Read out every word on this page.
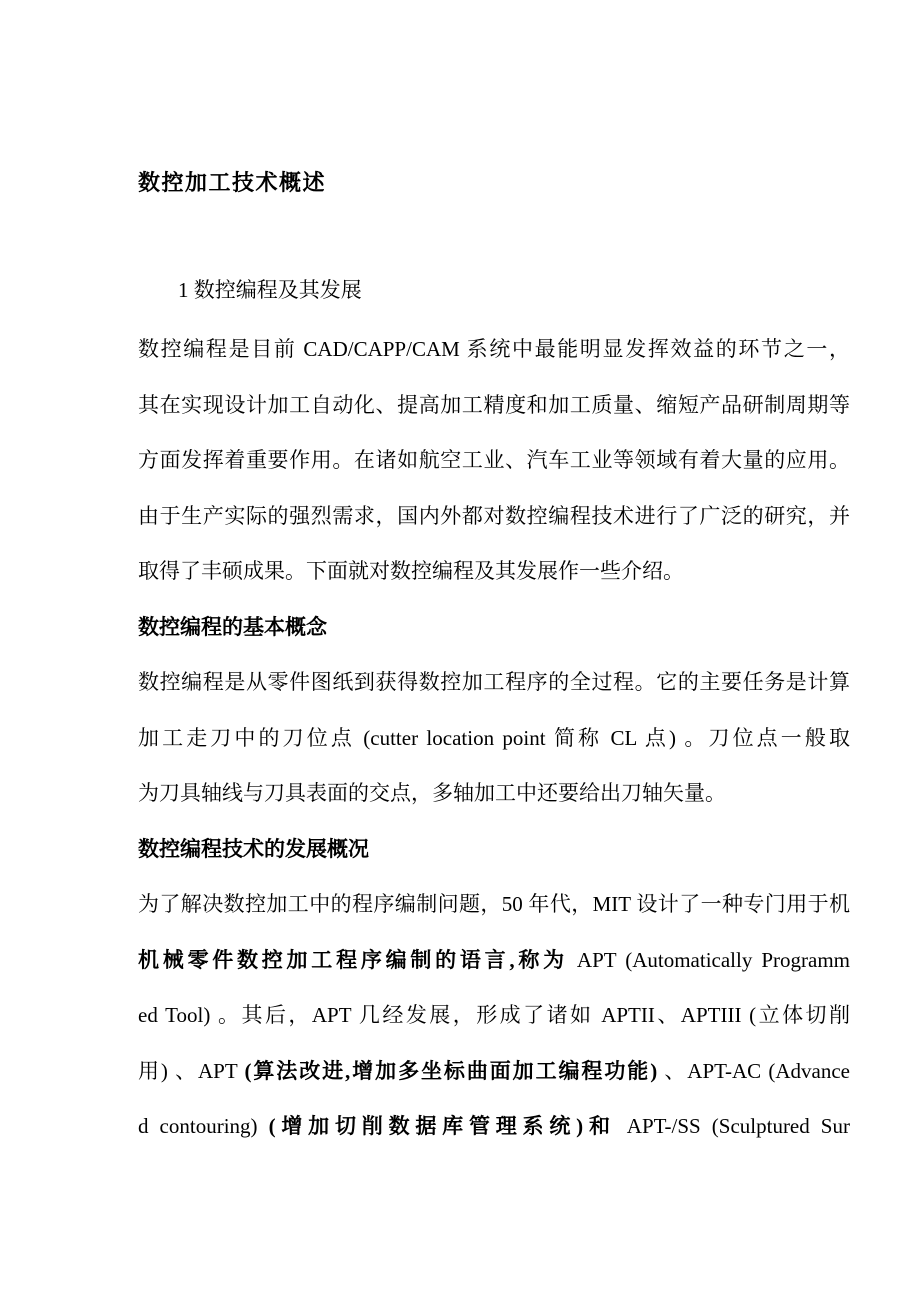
数控加工技术概述
1 数控编程及其发展
数控编程是目前 CAD/CAPP/CAM 系统中最能明显发挥效益的环节之一，
其在实现设计加工自动化、提高加工精度和加工质量、缩短产品研制周期等
方面发挥着重要作用。在诸如航空工业、汽车工业等领域有着大量的应用。
由于生产实际的强烈需求，国内外都对数控编程技术进行了广泛的研究，并
取得了丰硕成果。下面就对数控编程及其发展作一些介绍。
数控编程的基本概念
数控编程是从零件图纸到获得数控加工程序的全过程。它的主要任务是计算
加工走刀中的刀位点 (cutter location point 简称 CL 点) 。刀位点一般取
为刀具轴线与刀具表面的交点，多轴加工中还要给出刀轴矢量。
数控编程技术的发展概况
为了解决数控加工中的程序编制问题，50 年代，MIT 设计了一种专门用于机
机械零件数控加工程序编制的语言,称为 APT (Automatically Programm
ed Tool) 。其后，APT 几经发展，形成了诸如 APTII、APTIII (立体切削
用) 、APT (算法改进,增加多坐标曲面加工编程功能) 、APT-AC (Advance
d contouring) (增加切削数据库管理系统)和 APT-/SS (Sculptured Sur
